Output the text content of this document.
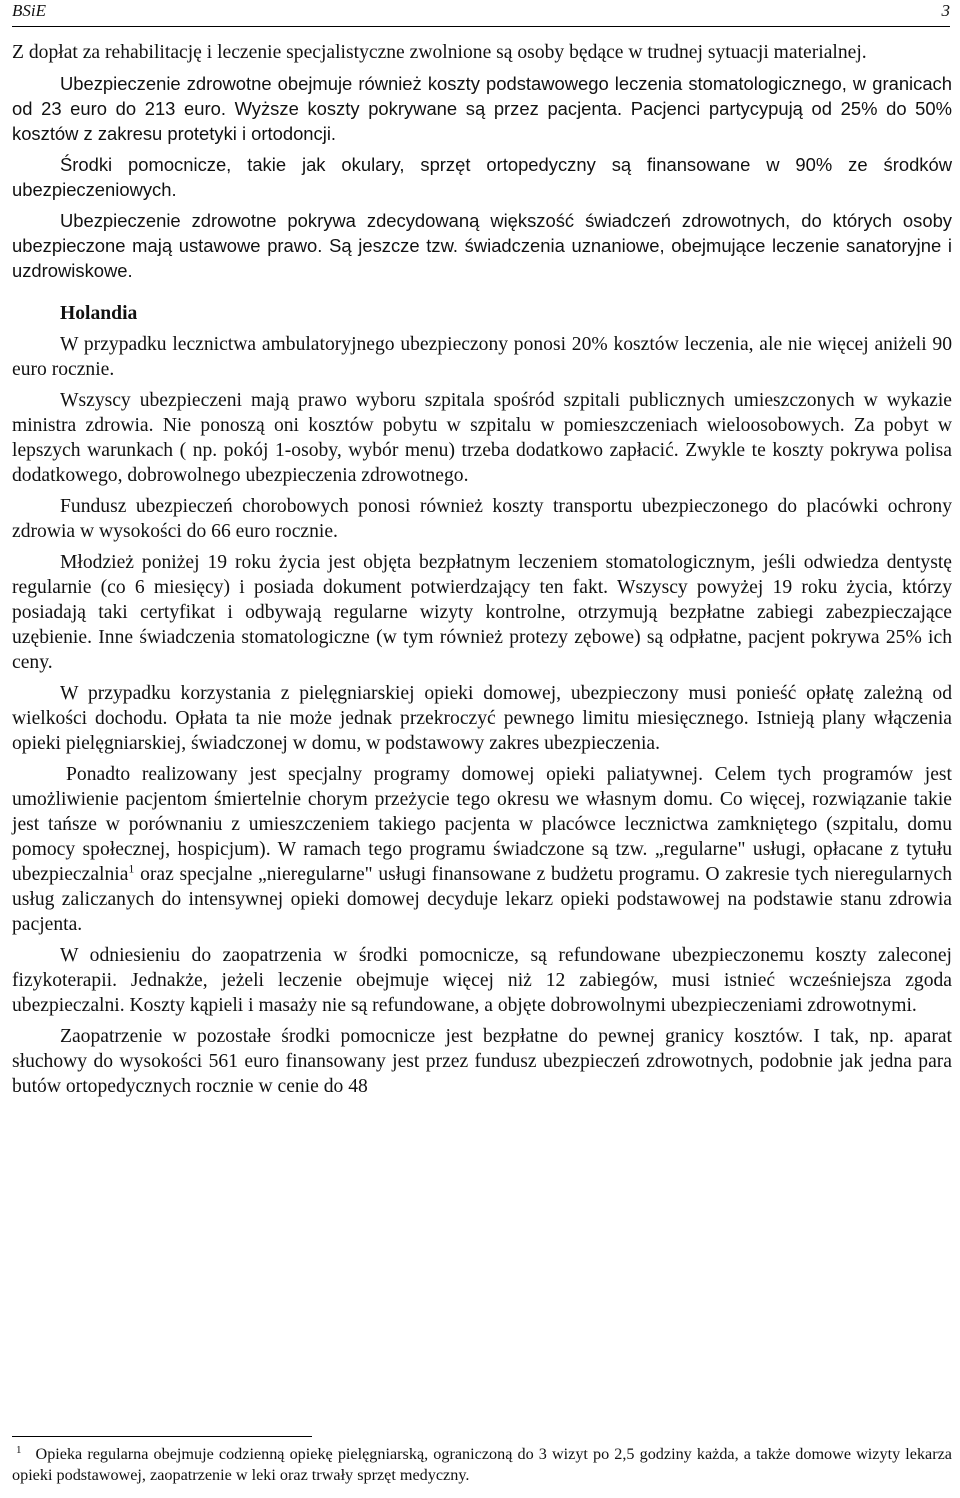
BSiE	3

Z dopłat za rehabilitację i leczenie specjalistyczne zwolnione są osoby będące w trudnej sytuacji materialnej.

Ubezpieczenie zdrowotne obejmuje również koszty podstawowego leczenia stomatologicznego, w granicach od 23 euro do 213 euro. Wyższe koszty pokrywane są przez pacjenta. Pacjenci partycypują od 25% do 50% kosztów z zakresu protetyki i ortodoncji.

Środki pomocnicze, takie jak okulary, sprzęt ortopedyczny są finansowane w 90% ze środków ubezpieczeniowych.

Ubezpieczenie zdrowotne pokrywa zdecydowaną większość świadczeń zdrowotnych, do których osoby ubezpieczone mają ustawowe prawo. Są jeszcze tzw. świadczenia uznaniowe, obejmujące leczenie sanatoryjne i uzdrowiskowe.

Holandia

W przypadku lecznictwa ambulatoryjnego ubezpieczony ponosi 20% kosztów leczenia, ale nie więcej aniżeli 90 euro rocznie.

Wszyscy ubezpieczeni mają prawo wyboru szpitala spośród szpitali publicznych umieszczonych w wykazie ministra zdrowia. Nie ponoszą oni kosztów pobytu w szpitalu w pomieszczeniach wieloosobowych. Za pobyt w lepszych warunkach ( np. pokój 1-osoby, wybór menu) trzeba dodatkowo zapłacić. Zwykle te koszty pokrywa polisa dodatkowego, dobrowolnego ubezpieczenia zdrowotnego.

Fundusz ubezpieczeń chorobowych ponosi również koszty transportu ubezpieczonego do placówki ochrony zdrowia w wysokości do 66 euro rocznie.

Młodzież poniżej 19 roku życia jest objęta bezpłatnym leczeniem stomatologicznym, jeśli odwiedza dentystę regularnie (co 6 miesięcy) i posiada dokument potwierdzający ten fakt. Wszyscy powyżej 19 roku życia, którzy posiadają taki certyfikat i odbywają regularne wizyty kontrolne, otrzymują bezpłatne zabiegi zabezpieczające uzębienie. Inne świadczenia stomatologiczne (w tym również protezy zębowe) są odpłatne, pacjent pokrywa 25% ich ceny.

W przypadku korzystania z pielęgniarskiej opieki domowej, ubezpieczony musi ponieść opłatę zależną od wielkości dochodu. Opłata ta nie może jednak przekroczyć pewnego limitu miesięcznego. Istnieją plany włączenia opieki pielęgniarskiej, świadczonej w domu, w podstawowy zakres ubezpieczenia.

Ponadto realizowany jest specjalny programy domowej opieki paliatywnej. Celem tych programów jest umożliwienie pacjentom śmiertelnie chorym przeżycie tego okresu we własnym domu. Co więcej, rozwiązanie takie jest tańsze w porównaniu z umieszczeniem takiego pacjenta w placówce lecznictwa zamkniętego (szpitalu, domu pomocy społecznej, hospicjum). W ramach tego programu świadczone są tzw. „regularne" usługi, opłacane z tytułu ubezpieczalnia$^1$ oraz specjalne „nieregularne" usługi finansowane z budżetu programu. O zakresie tych nieregularnych usług zaliczanych do intensywnej opieki domowej decyduje lekarz opieki podstawowej na podstawie stanu zdrowia pacjenta.

W odniesieniu do zaopatrzenia w środki pomocnicze, są refundowane ubezpieczonemu koszty zaleconej fizykoterapii. Jednakże, jeżeli leczenie obejmuje więcej niż 12 zabiegów, musi istnieć wcześniejsza zgoda ubezpieczalni. Koszty kąpieli i masaży nie są refundowane, a objęte dobrowolnymi ubezpieczeniami zdrowotnymi.

Zaopatrzenie w pozostałe środki pomocnicze jest bezpłatne do pewnej granicy kosztów. I tak, np. aparat słuchowy do wysokości 561 euro finansowany jest przez fundusz ubezpieczeń zdrowotnych, podobnie jak jedna para butów ortopedycznych rocznie w cenie do 48

$^1$ Opieka regularna obejmuje codzienną opiekę pielęgniarską, ograniczoną do 3 wizyt po 2,5 godziny każda, a także domowe wizyty lekarza opieki podstawowej, zaopatrzenie w leki oraz trwały sprzęt medyczny.
